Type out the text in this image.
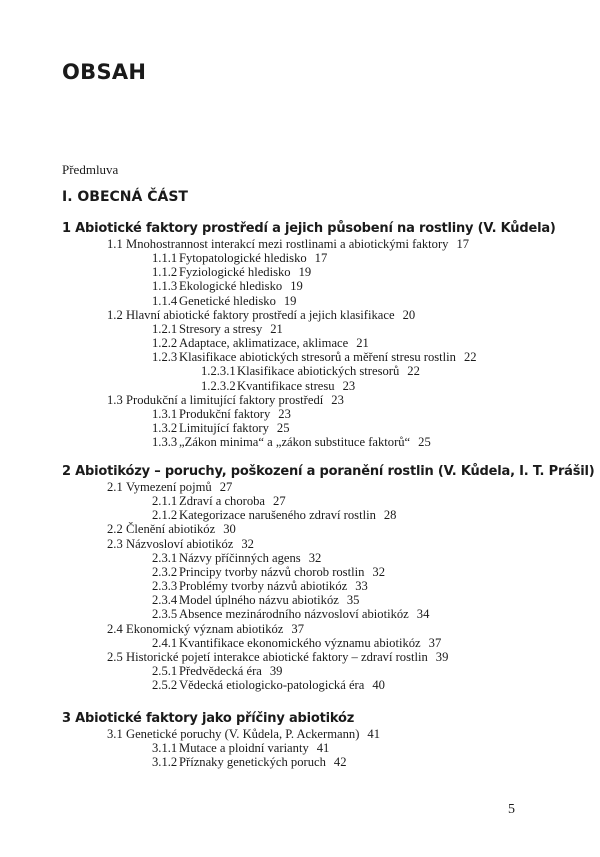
OBSAH
Předmluva
I. OBECNÁ ČÁST
1 Abiotické faktory prostředí a jejich působení na rostliny (V. Kůdela)
1.1 Mnohostrannost interakcí mezi rostlinami a abiotickými faktory 17
1.1.1 Fytopatologické hledisko 17
1.1.2 Fyziologické hledisko 19
1.1.3 Ekologické hledisko 19
1.1.4 Genetické hledisko 19
1.2 Hlavní abiotické faktory prostředí a jejich klasifikace 20
1.2.1 Stresory a stresy 21
1.2.2 Adaptace, aklimatizace, aklimace 21
1.2.3 Klasifikace abiotických stresorů a měření stresu rostlin 22
1.2.3.1Klasifikace abiotických stresorů 22
1.2.3.2Kvantifikace stresu 23
1.3 Produkční a limitující faktory prostředí 23
1.3.1 Produkční faktory 23
1.3.2 Limitující faktory 25
1.3.3 „Zákon minima“ a „zákon substituce faktorů“ 25
2 Abiotikózy – poruchy, poškození a poranění rostlin (V. Kůdela, I. T. Prášil)
2.1 Vymezení pojmů 27
2.1.1 Zdraví a choroba 27
2.1.2 Kategorizace narušeného zdraví rostlin 28
2.2 Členění abiotikóz 30
2.3 Názvosloví abiotikóz 32
2.3.1 Názvy příčinných agens 32
2.3.2 Principy tvorby názvů chorob rostlin 32
2.3.3 Problémy tvorby názvů abiotikóz 33
2.3.4 Model úplného názvu abiotikóz 35
2.3.5 Absence mezinárodního názvosloví abiotikóz 34
2.4 Ekonomický význam abiotikóz 37
2.4.1 Kvantifikace ekonomického významu abiotikóz 37
2.5 Historické pojetí interakce abiotické faktory – zdraví rostlin 39
2.5.1 Předvědecká éra 39
2.5.2 Vědecká etiologicko-patologická éra 40
3 Abiotické faktory jako příčiny abiotikóz
3.1 Genetické poruchy (V. Kůdela, P. Ackermann) 41
3.1.1 Mutace a ploidní varianty 41
3.1.2 Příznaky genetických poruch 42
5
